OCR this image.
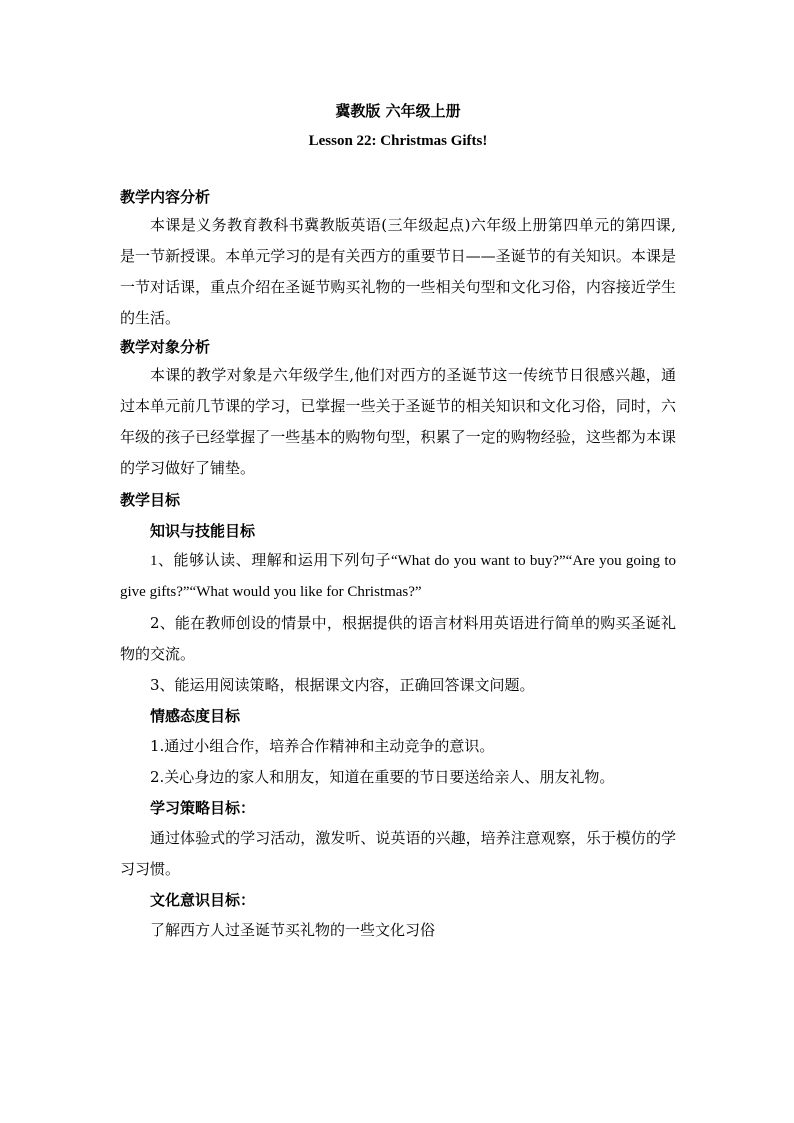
冀教版 六年级上册
Lesson 22: Christmas Gifts!
教学内容分析

本课是义务教育教科书冀教版英语(三年级起点)六年级上册第四单元的第四课,是一节新授课。本单元学习的是有关西方的重要节日——圣诞节的有关知识。本课是一节对话课，重点介绍在圣诞节购买礼物的一些相关句型和文化习俗，内容接近学生的生活。

教学对象分析

本课的教学对象是六年级学生,他们对西方的圣诞节这一传统节日很感兴趣，通过本单元前几节课的学习，已掌握一些关于圣诞节的相关知识和文化习俗，同时，六年级的孩子已经掌握了一些基本的购物句型，积累了一定的购物经验，这些都为本课的学习做好了铺垫。

教学目标
知识与技能目标

1、能够认读、理解和运用下列句子“What do you want to buy?”“Are you going to give gifts?”“What would you like for Christmas?”

2、能在教师创设的情景中，根据提供的语言材料用英语进行简单的购买圣诞礼物的交流。

3、能运用阅读策略，根据课文内容，正确回答课文问题。

情感态度目标

1.通过小组合作，培养合作精神和主动竞争的意识。

2.关心身边的家人和朋友，知道在重要的节日要送给亲人、朋友礼物。

学习策略目标：

通过体验式的学习活动，激发听、说英语的兴趣，培养注意观察，乐于模仿的学习习惯。

文化意识目标：

了解西方人过圣诞节买礼物的一些文化习俗
